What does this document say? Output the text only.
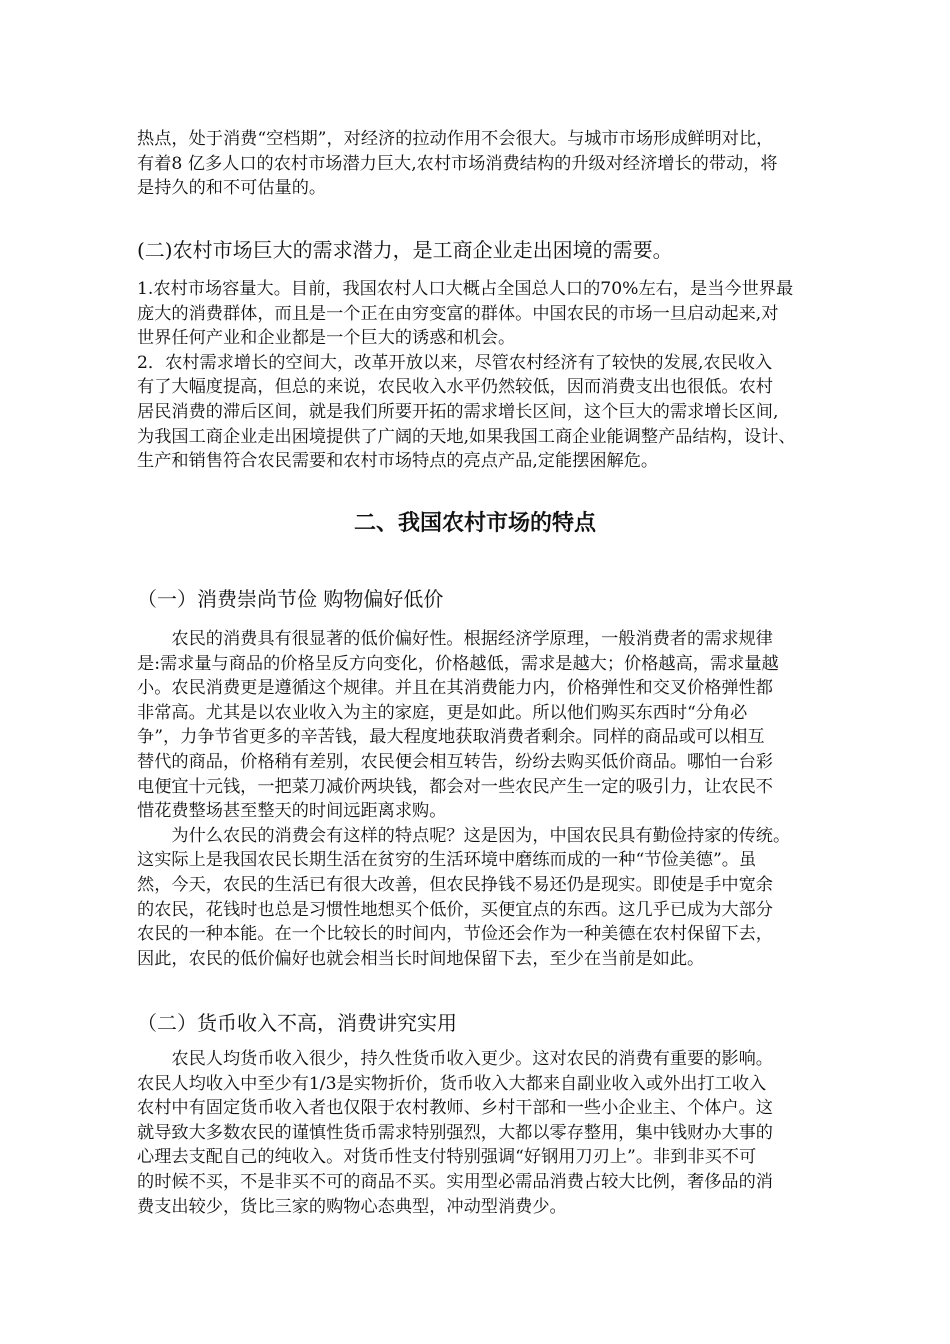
热点，处于消费“空档期”，对经济的拉动作用不会很大。与城市市场形成鲜明对比，
有着8 亿多人口的农村市场潜力巨大,农村市场消费结构的升级对经济增长的带动，将
是持久的和不可估量的。

(二)农村市场巨大的需求潜力，是工商企业走出困境的需要。

1.农村市场容量大。目前，我国农村人口大概占全国总人口的70%左右，是当今世界最
庞大的消费群体，而且是一个正在由穷变富的群体。中国农民的市场一旦启动起来,对
世界任何产业和企业都是一个巨大的诱惑和机会。
2．农村需求增长的空间大，改革开放以来，尽管农村经济有了较快的发展,农民收入
有了大幅度提高，但总的来说，农民收入水平仍然较低，因而消费支出也很低。农村
居民消费的滞后区间，就是我们所要开拓的需求增长区间，这个巨大的需求增长区间,
为我国工商企业走出困境提供了广阔的天地,如果我国工商企业能调整产品结构，设计、
生产和销售符合农民需要和农村市场特点的亮点产品,定能摆困解危。
二、我国农村市场的特点

（一）消费崇尚节俭 购物偏好低价

农民的消费具有很显著的低价偏好性。根据经济学原理，一般消费者的需求规律
是:需求量与商品的价格呈反方向变化，价格越低，需求是越大；价格越高，需求量越
小。农民消费更是遵循这个规律。并且在其消费能力内，价格弹性和交叉价格弹性都
非常高。尤其是以农业收入为主的家庭，更是如此。所以他们购买东西时“分角必
争”，力争节省更多的辛苦钱，最大程度地获取消费者剩余。同样的商品或可以相互
替代的商品，价格稍有差别，农民便会相互转告，纷纷去购买低价商品。哪怕一台彩
电便宜十元钱，一把菜刀减价两块钱，都会对一些农民产生一定的吸引力，让农民不
惜花费整场甚至整天的时间远距离求购。
为什么农民的消费会有这样的特点呢？这是因为，中国农民具有勤俭持家的传统。
这实际上是我国农民长期生活在贫穷的生活环境中磨练而成的一种“节俭美德”。虽
然，今天，农民的生活已有很大改善，但农民挣钱不易还仍是现实。即使是手中宽余
的农民，花钱时也总是习惯性地想买个低价，买便宜点的东西。这几乎已成为大部分
农民的一种本能。在一个比较长的时间内，节俭还会作为一种美德在农村保留下去，
因此，农民的低价偏好也就会相当长时间地保留下去，至少在当前是如此。

（二）货币收入不高，消费讲究实用

农民人均货币收入很少，持久性货币收入更少。这对农民的消费有重要的影响。
农民人均收入中至少有1/3是实物折价，货币收入大都来自副业收入或外出打工收入
农村中有固定货币收入者也仅限于农村教师、乡村干部和一些小企业主、个体户。这
就导致大多数农民的谨慎性货币需求特别强烈，大都以零存整用，集中钱财办大事的
心理去支配自己的纯收入。对货币性支付特别强调“好钢用刀刃上”。非到非买不可
的时候不买，不是非买不可的商品不买。实用型必需品消费占较大比例，奢侈品的消
费支出较少，货比三家的购物心态典型，冲动型消费少。
